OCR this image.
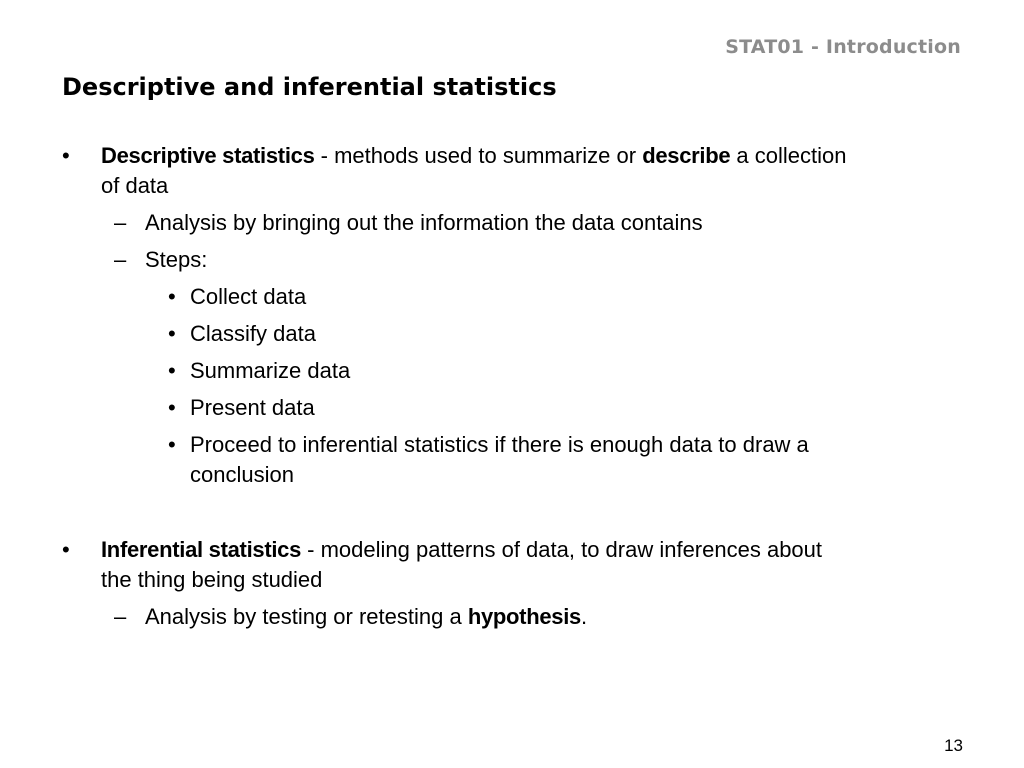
STAT01 - Introduction
Descriptive and inferential statistics
• Descriptive statistics - methods used to summarize or describe a collection
of data
– Analysis by bringing out the information the data contains
– Steps:
• Collect data
• Classify data
• Summarize data
• Present data
• Proceed to inferential statistics if there is enough data to draw a
conclusion
• Inferential statistics - modeling patterns of data, to draw inferences about
the thing being studied
– Analysis by testing or retesting a hypothesis.
13
